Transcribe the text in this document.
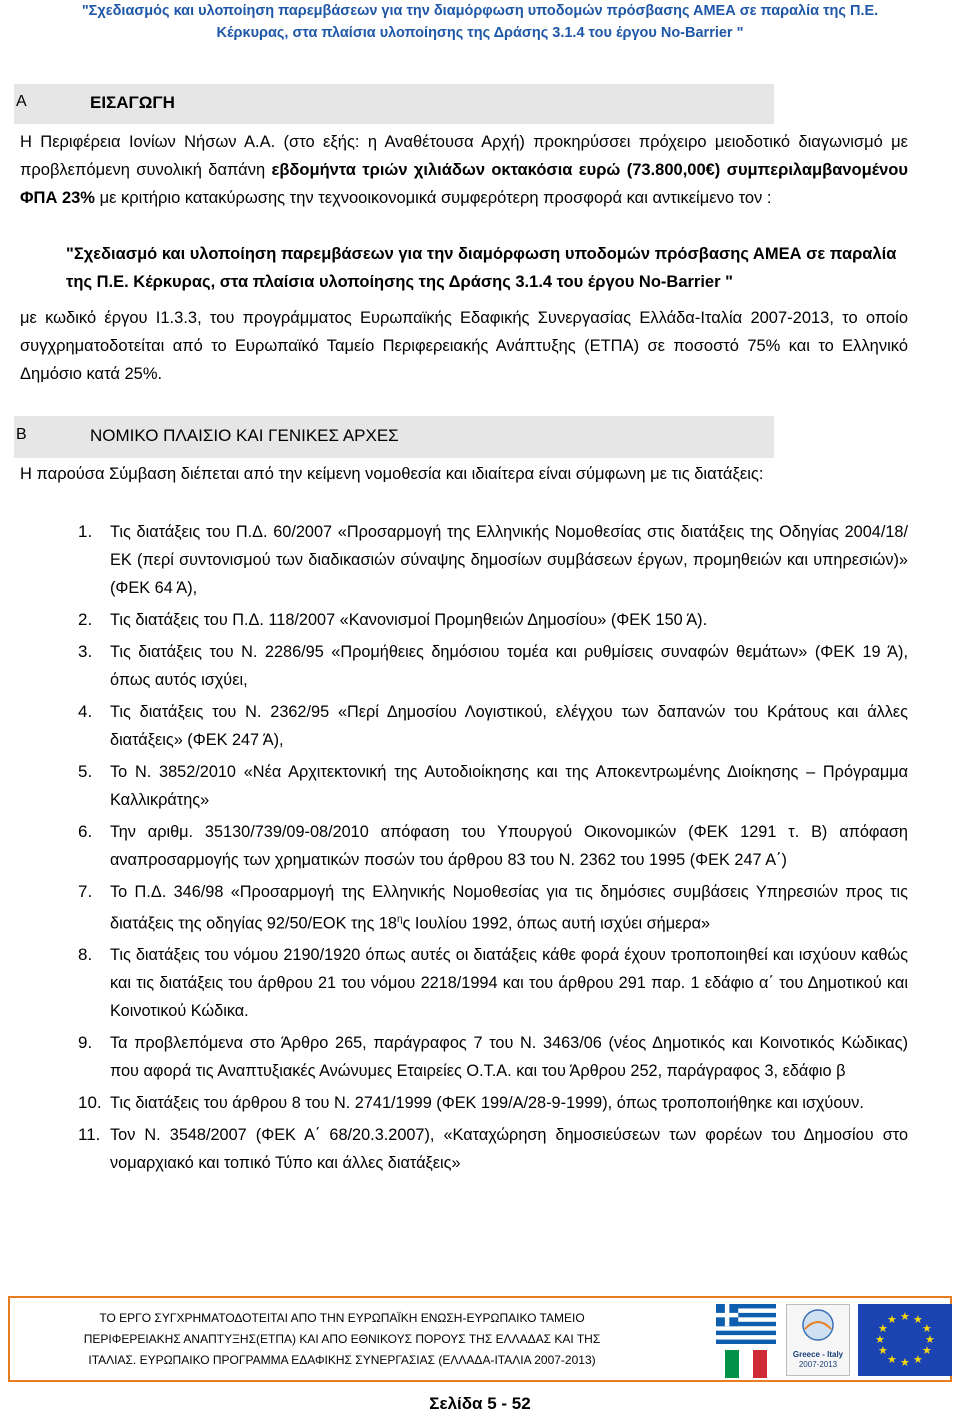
"Σχεδιασμός και υλοποίηση παρεμβάσεων για την διαμόρφωση υποδομών πρόσβασης ΑΜΕΑ σε παραλία της Π.Ε.
Κέρκυρας, στα πλαίσια υλοποίησης της Δράσης 3.1.4 του έργου No-Barrier "
Α	ΕΙΣΑΓΩΓΗ
Η Περιφέρεια Ιονίων Νήσων Α.Α. (στο εξής: η Αναθέτουσα Αρχή) προκηρύσσει πρόχειρο μειοδοτικό διαγωνισμό με προβλεπόμενη συνολική δαπάνη εβδομήντα τριών χιλιάδων οκτακόσια ευρώ (73.800,00€) συμπεριλαμβανομένου ΦΠΑ 23% με κριτήριο κατακύρωσης την τεχνοοικονομικά συμφερότερη προσφορά και αντικείμενο τον :
"Σχεδιασμό και υλοποίηση παρεμβάσεων για την διαμόρφωση υποδομών πρόσβασης ΑΜΕΑ σε παραλία της Π.Ε. Κέρκυρας, στα πλαίσια υλοποίησης της Δράσης 3.1.4 του έργου No-Barrier "
με κωδικό έργου I1.3.3, του προγράμματος Ευρωπαϊκής Εδαφικής Συνεργασίας Ελλάδα-Ιταλία 2007-2013, το οποίο συγχρηματοδοτείται από το Ευρωπαϊκό Ταμείο Περιφερειακής Ανάπτυξης (ΕΤΠΑ) σε ποσοστό 75% και το Ελληνικό Δημόσιο κατά 25%.
Β	ΝΟΜΙΚΟ ΠΛΑΙΣΙΟ ΚΑΙ ΓΕΝΙΚΕΣ ΑΡΧΕΣ
Η παρούσα Σύμβαση διέπεται από την κείμενη νομοθεσία και ιδιαίτερα είναι σύμφωνη με τις διατάξεις:
1. Τις διατάξεις του Π.Δ. 60/2007 «Προσαρμογή της Ελληνικής Νομοθεσίας στις διατάξεις της Οδηγίας 2004/18/ΕΚ (περί συντονισμού των διαδικασιών σύναψης δημοσίων συμβάσεων έργων, προμηθειών και υπηρεσιών)» (ΦΕΚ 64 Ά),
2. Τις διατάξεις του Π.Δ. 118/2007 «Κανονισμοί Προμηθειών Δημοσίου» (ΦΕΚ 150 Ά).
3. Τις διατάξεις του Ν. 2286/95 «Προμήθειες δημόσιου τομέα και ρυθμίσεις συναφών θεμάτων» (ΦΕΚ 19 Ά), όπως αυτός ισχύει,
4. Τις διατάξεις του Ν. 2362/95 «Περί Δημοσίου Λογιστικού, ελέγχου των δαπανών του Κράτους και άλλες διατάξεις» (ΦΕΚ 247 Ά),
5. Το Ν. 3852/2010 «Νέα Αρχιτεκτονική της Αυτοδιοίκησης και της Αποκεντρωμένης Διοίκησης – Πρόγραμμα Καλλικράτης»
6. Την αριθμ. 35130/739/09-08/2010 απόφαση του Υπουργού Οικονομικών (ΦΕΚ 1291 τ. Β) απόφαση αναπροσαρμογής των χρηματικών ποσών του άρθρου 83 του Ν. 2362 του 1995 (ΦΕΚ 247 Α΄)
7. Το Π.Δ. 346/98 «Προσαρμογή της Ελληνικής Νομοθεσίας για τις δημόσιες συμβάσεις Υπηρεσιών προς τις διατάξεις της οδηγίας 92/50/ΕΟΚ της $18^\eta\varsigma$ Ιουλίου 1992, όπως αυτή ισχύει σήμερα»
8. Τις διατάξεις του νόμου 2190/1920 όπως αυτές οι διατάξεις κάθε φορά έχουν τροποποιηθεί και ισχύουν καθώς και τις διατάξεις του άρθρου 21 του νόμου 2218/1994 και του άρθρου 291 παρ. 1 εδάφιο α΄ του Δημοτικού και Κοινοτικού Κώδικα.
9. Τα προβλεπόμενα στο Άρθρο 265, παράγραφος 7 του Ν. 3463/06 (νέος Δημοτικός και Κοινοτικός Κώδικας) που αφορά τις Αναπτυξιακές Ανώνυμες Εταιρείες Ο.Τ.Α. και του Άρθρου 252, παράγραφος 3, εδάφιο β
10. Τις διατάξεις του άρθρου 8 του Ν. 2741/1999 (ΦΕΚ 199/Α/28-9-1999), όπως τροποποιήθηκε και ισχύουν.
11. Τον Ν. 3548/2007 (ΦΕΚ Α΄ 68/20.3.2007), «Καταχώρηση δημοσιεύσεων των φορέων του Δημοσίου στο νομαρχιακό και τοπικό Τύπο και άλλες διατάξεις»
ΤΟ ΕΡΓΟ ΣΥΓΧΡΗΜΑΤΟΔΟΤΕΙΤΑΙ ΑΠΟ ΤΗΝ ΕΥΡΩΠΑΪΚΗ ΕΝΩΣΗ-ΕΥΡΩΠΑΙΚΟ ΤΑΜΕΙΟ
ΠΕΡΙΦΕΡΕΙΑΚΗΣ ΑΝΑΠΤΥΞΗΣ(ΕΤΠΑ) ΚΑΙ ΑΠΟ ΕΘΝΙΚΟΥΣ ΠΟΡΟΥΣ ΤΗΣ ΕΛΛΑΔΑΣ ΚΑΙ ΤΗΣ
ΙΤΑΛΙΑΣ. ΕΥΡΩΠΑΙΚΟ ΠΡΟΓΡΑΜΜΑ ΕΔΑΦΙΚΗΣ ΣΥΝΕΡΓΑΣΙΑΣ (ΕΛΛΑΔΑ-ΙΤΑΛΙΑ 2007-2013)	Greece - Italy
2007-2013
★ ★
★
★
★
★
★
★
★
★
★
★
Σελίδα 5 - 52
